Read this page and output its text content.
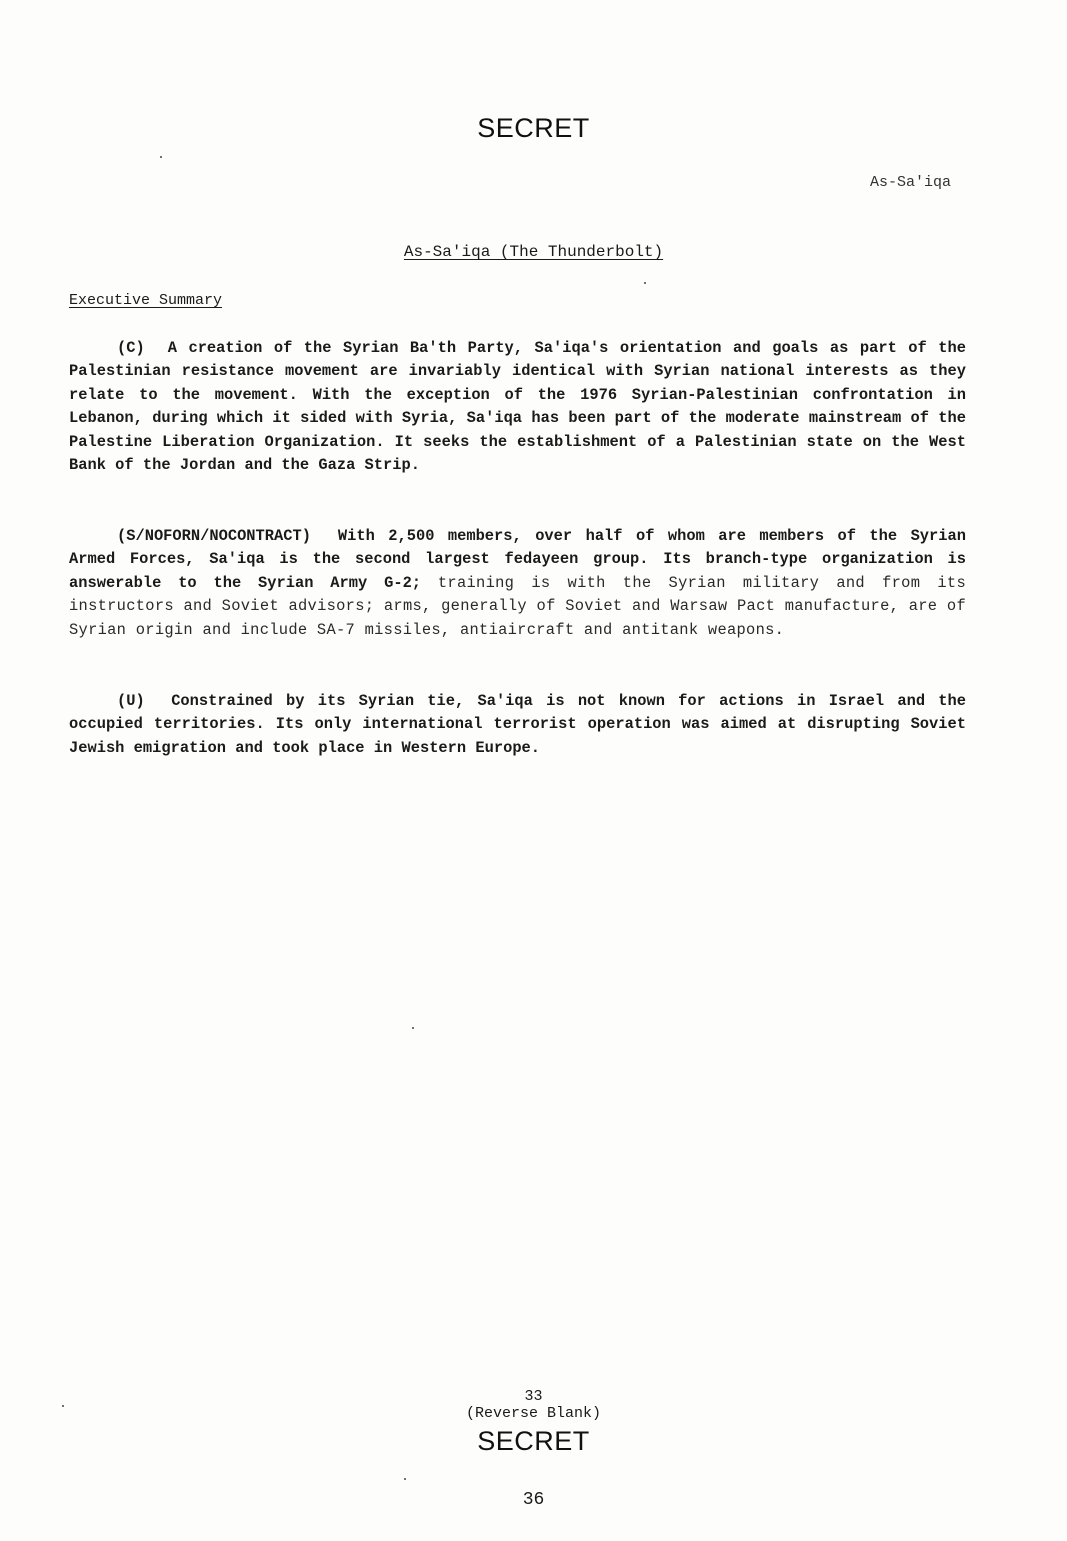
SECRET
As-Sa'iqa
As-Sa'iqa (The Thunderbolt)
Executive Summary

(C) A creation of the Syrian Ba'th Party, Sa'iqa's orientation and goals as part of the Palestinian resistance movement are invariably identical with Syrian national interests as they relate to the movement. With the exception of the 1976 Syrian-Palestinian confrontation in Lebanon, during which it sided with Syria, Sa'iqa has been part of the moderate mainstream of the Palestine Liberation Organization. It seeks the establishment of a Palestinian state on the West Bank of the Jordan and the Gaza Strip.

(S/NOFORN/NOCONTRACT) With 2,500 members, over half of whom are members of the Syrian Armed Forces, Sa'iqa is the second largest fedayeen group. Its branch-type organization is answerable to the Syrian Army G-2; training is with the Syrian military and from its instructors and Soviet advisors; arms, generally of Soviet and Warsaw Pact manufacture, are of Syrian origin and include SA-7 missiles, antiaircraft and antitank weapons.

(U) Constrained by its Syrian tie, Sa'iqa is not known for actions in Israel and the occupied territories. Its only international terrorist operation was aimed at disrupting Soviet Jewish emigration and took place in Western Europe.

33
(Reverse Blank)
SECRET
36
